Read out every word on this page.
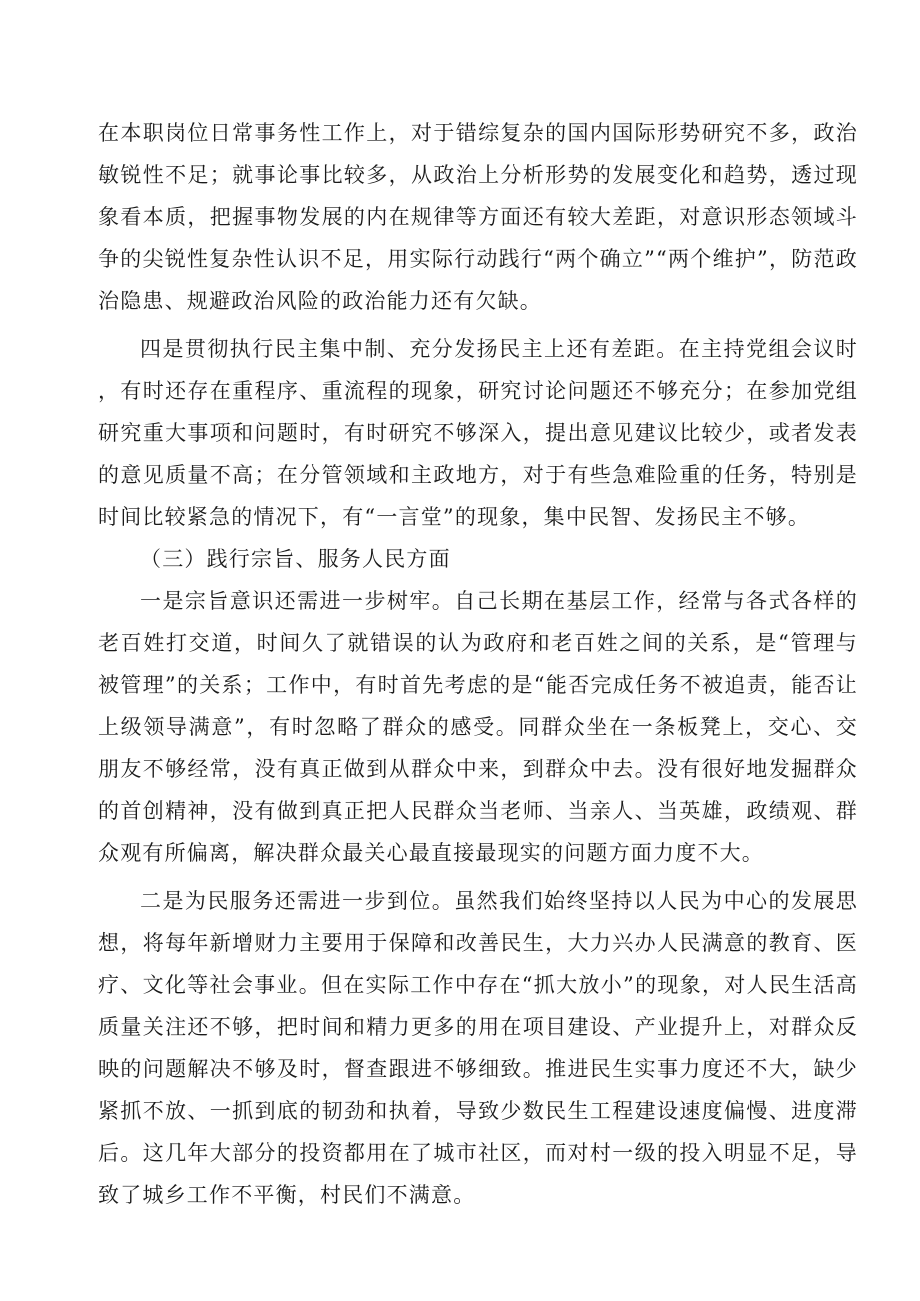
在本职岗位日常事务性工作上，对于错综复杂的国内国际形势研究不多，政治敏锐性不足；就事论事比较多，从政治上分析形势的发展变化和趋势，透过现象看本质，把握事物发展的内在规律等方面还有较大差距，对意识形态领域斗争的尖锐性复杂性认识不足，用实际行动践行“两个确立”“两个维护”，防范政治隐患、规避政治风险的政治能力还有欠缺。

四是贯彻执行民主集中制、充分发扬民主上还有差距。在主持党组会议时，有时还存在重程序、重流程的现象，研究讨论问题还不够充分；在参加党组研究重大事项和问题时，有时研究不够深入，提出意见建议比较少，或者发表的意见质量不高；在分管领域和主政地方，对于有些急难险重的任务，特别是时间比较紧急的情况下，有“一言堂”的现象，集中民智、发扬民主不够。

（三）践行宗旨、服务人民方面

一是宗旨意识还需进一步树牢。自己长期在基层工作，经常与各式各样的老百姓打交道，时间久了就错误的认为政府和老百姓之间的关系，是“管理与被管理”的关系；工作中，有时首先考虑的是“能否完成任务不被追责，能否让上级领导满意”，有时忽略了群众的感受。同群众坐在一条板凳上，交心、交朋友不够经常，没有真正做到从群众中来，到群众中去。没有很好地发掘群众的首创精神，没有做到真正把人民群众当老师、当亲人、当英雄，政绩观、群众观有所偏离，解决群众最关心最直接最现实的问题方面力度不大。

二是为民服务还需进一步到位。虽然我们始终坚持以人民为中心的发展思想，将每年新增财力主要用于保障和改善民生，大力兴办人民满意的教育、医疗、文化等社会事业。但在实际工作中存在“抓大放小”的现象，对人民生活高质量关注还不够，把时间和精力更多的用在项目建设、产业提升上，对群众反映的问题解决不够及时，督查跟进不够细致。推进民生实事力度还不大，缺少紧抓不放、一抓到底的韧劲和执着，导致少数民生工程建设速度偏慢、进度滞后。这几年大部分的投资都用在了城市社区，而对村一级的投入明显不足，导致了城乡工作不平衡，村民们不满意。
